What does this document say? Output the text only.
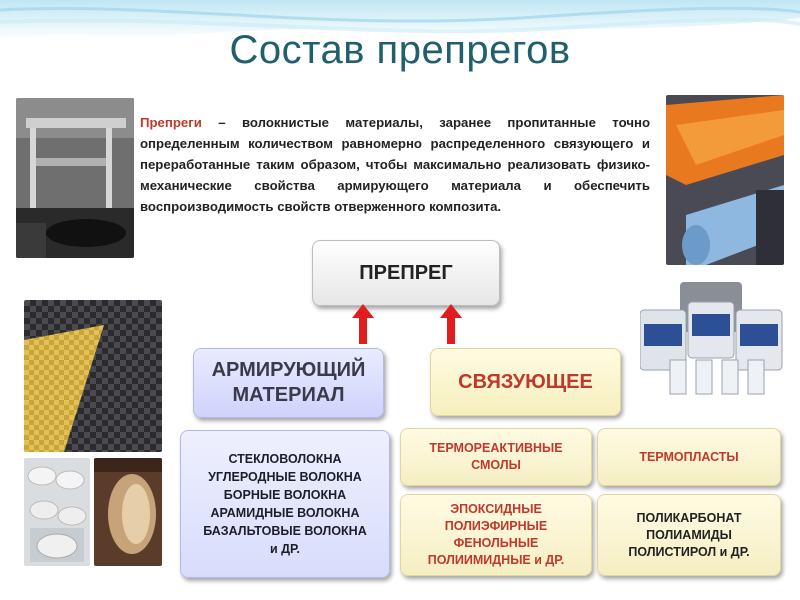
Состав препрегов
Препреги – волокнистые материалы, заранее пропитанные точно определенным количеством равномерно распределенного связующего и переработанные таким образом, чтобы максимально реализовать физико-механические свойства армирующего материала и обеспечить воспроизводимость свойств отверженного композита.
ПРЕПРЕГ
АРМИРУЮЩИЙ
МАТЕРИАЛ
СВЯЗУЮЩЕЕ
СТЕКЛОВОЛОКНА
УГЛЕРОДНЫЕ ВОЛОКНА
БОРНЫЕ ВОЛОКНА
АРАМИДНЫЕ ВОЛОКНА
БАЗАЛЬТОВЫЕ ВОЛОКНА
и ДР.
ТЕРМОРЕАКТИВНЫЕ
СМОЛЫ
ТЕРМОПЛАСТЫ
ЭПОКСИДНЫЕ
ПОЛИЭФИРНЫЕ
ФЕНОЛЬНЫЕ
ПОЛИИМИДНЫЕ и ДР.
ПОЛИКАРБОНАТ
ПОЛИАМИДЫ
ПОЛИСТИРОЛ и ДР.
